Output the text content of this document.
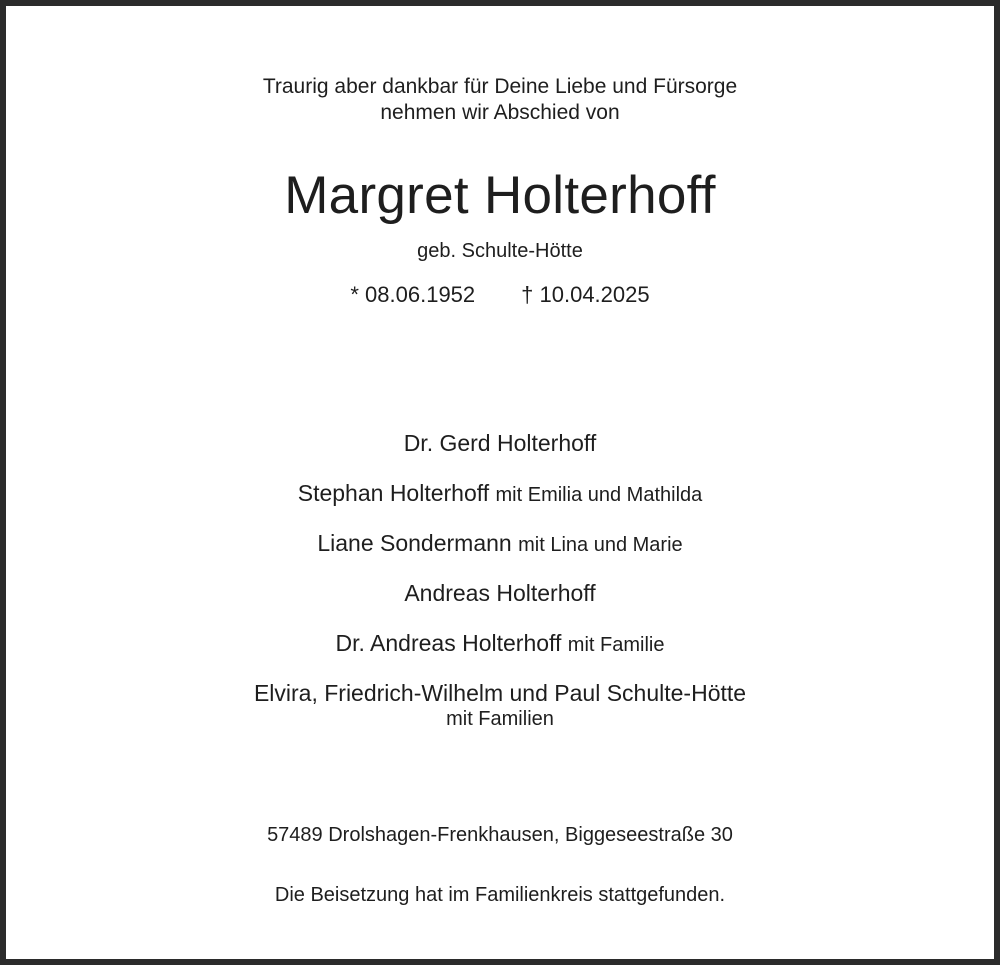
Traurig aber dankbar für Deine Liebe und Fürsorge
nehmen wir Abschied von
Margret Holterhoff
geb. Schulte-Hötte
* 08.06.1952 † 10.04.2025
Dr. Gerd Holterhoff
Stephan Holterhoff mit Emilia und Mathilda
Liane Sondermann mit Lina und Marie
Andreas Holterhoff
Dr. Andreas Holterhoff mit Familie
Elvira, Friedrich-Wilhelm und Paul Schulte-Hötte
mit Familien
57489 Drolshagen-Frenkhausen, Biggeseestraße 30
Die Beisetzung hat im Familienkreis stattgefunden.
